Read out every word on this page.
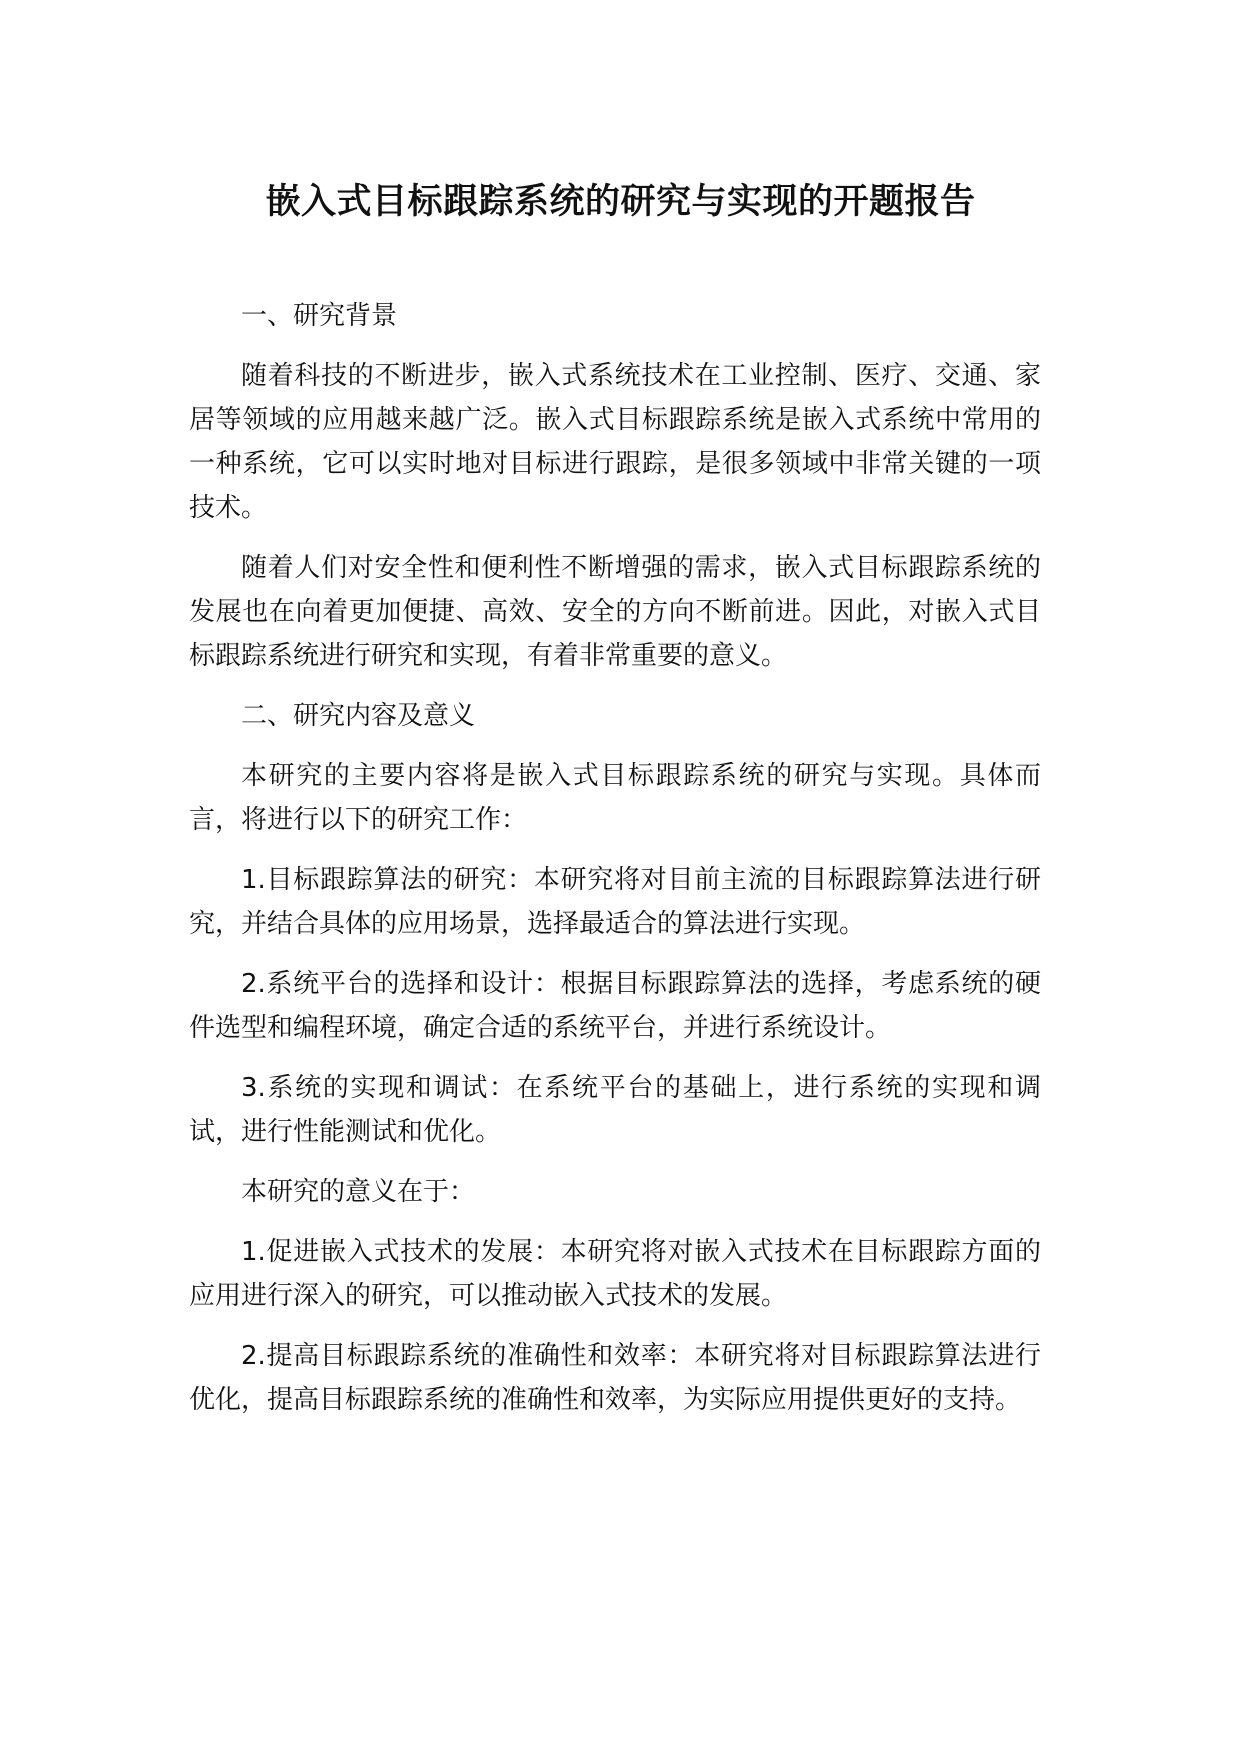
嵌入式目标跟踪系统的研究与实现的开题报告

一、研究背景

随着科技的不断进步，嵌入式系统技术在工业控制、医疗、交通、家居等领域的应用越来越广泛。嵌入式目标跟踪系统是嵌入式系统中常用的一种系统，它可以实时地对目标进行跟踪，是很多领域中非常关键的一项技术。

随着人们对安全性和便利性不断增强的需求，嵌入式目标跟踪系统的发展也在向着更加便捷、高效、安全的方向不断前进。因此，对嵌入式目标跟踪系统进行研究和实现，有着非常重要的意义。

二、研究内容及意义

本研究的主要内容将是嵌入式目标跟踪系统的研究与实现。具体而言，将进行以下的研究工作：

1.目标跟踪算法的研究：本研究将对目前主流的目标跟踪算法进行研究，并结合具体的应用场景，选择最适合的算法进行实现。

2.系统平台的选择和设计：根据目标跟踪算法的选择，考虑系统的硬件选型和编程环境，确定合适的系统平台，并进行系统设计。

3.系统的实现和调试：在系统平台的基础上，进行系统的实现和调试，进行性能测试和优化。

本研究的意义在于：

1.促进嵌入式技术的发展：本研究将对嵌入式技术在目标跟踪方面的应用进行深入的研究，可以推动嵌入式技术的发展。

2.提高目标跟踪系统的准确性和效率：本研究将对目标跟踪算法进行优化，提高目标跟踪系统的准确性和效率，为实际应用提供更好的支持。
